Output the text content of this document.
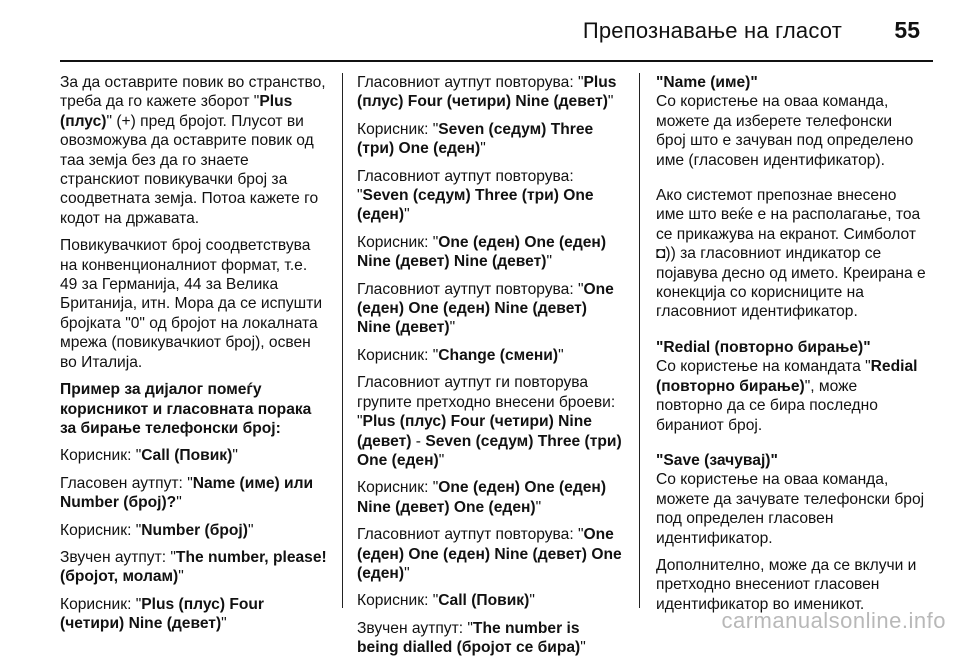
Препознавање на гласот 55

За да оставрите повик во странство, треба да го кажете зборот "Plus (плус)" (+) пред бројот. Плусот ви овозможува да оставрите повик од таа земја без да го знаете странскиот повикувачки број за соодветната земја. Потоа кажете го кодот на државата.

Повикувачкиот број соодветствува на конвенционалниот формат, т.е. 49 за Германија, 44 за Велика Британија, итн. Мора да се испушти бројката "0" од бројот на локалната мрежа (повикувачкиот број), освен во Италија.

Пример за дијалог помеѓу корисникот и гласовната порака за бирање телефонски број:

Корисник: "Call (Повик)"

Гласовен аутпут: "Name (име) или Number (број)?"

Корисник: "Number (број)"

Звучен аутпут: "The number, please! (бројот, молам)"

Корисник: "Plus (плус) Four (четири) Nine (девет)"

Гласовниот аутпут повторува: "Plus (плус) Four (четири) Nine (девет)"

Корисник: "Seven (седум) Three (три) One (еден)"

Гласовниот аутпут повторува: "Seven (седум) Three (три) One (еден)"

Корисник: "One (еден) One (еден) Nine (девет) Nine (девет)"

Гласовниот аутпут повторува: "One (еден) One (еден) Nine (девет) Nine (девет)"

Корисник: "Change (смени)"

Гласовниот аутпут ги повторува групите претходно внесени броеви: "Plus (плус) Four (четири) Nine (девет) - Seven (седум) Three (три) One (еден)"

Корисник: "One (еден) One (еден) Nine (девет) One (еден)"

Гласовниот аутпут повторува: "One (еден) One (еден) Nine (девет) One (еден)"

Корисник: "Call (Повик)"

Звучен аутпут: "The number is being dialled (бројот се бира)"

"Name (име)"
Со користење на оваа команда, можете да изберете телефонски број што е зачуван под определено име (гласовен идентификатор).

Ако системот препознае внесено име што веќе е на располагање, тоа се прикажува на екранот. Симболот ◘)) за гласовниот индикатор се појавува десно од името. Креирана е конекција со корисниците на гласовниот идентификатор.

"Redial (повторно бирање)"
Со користење на командата "Redial (повторно бирање)", може повторно да се бира последно бираниот број.

"Save (зачувај)"
Со користење на оваа команда, можете да зачувате телефонски број под определен гласовен идентификатор.

Дополнително, може да се вклучи и претходно внесениот гласовен идентификатор во именикот.

carmanualsonline.info
